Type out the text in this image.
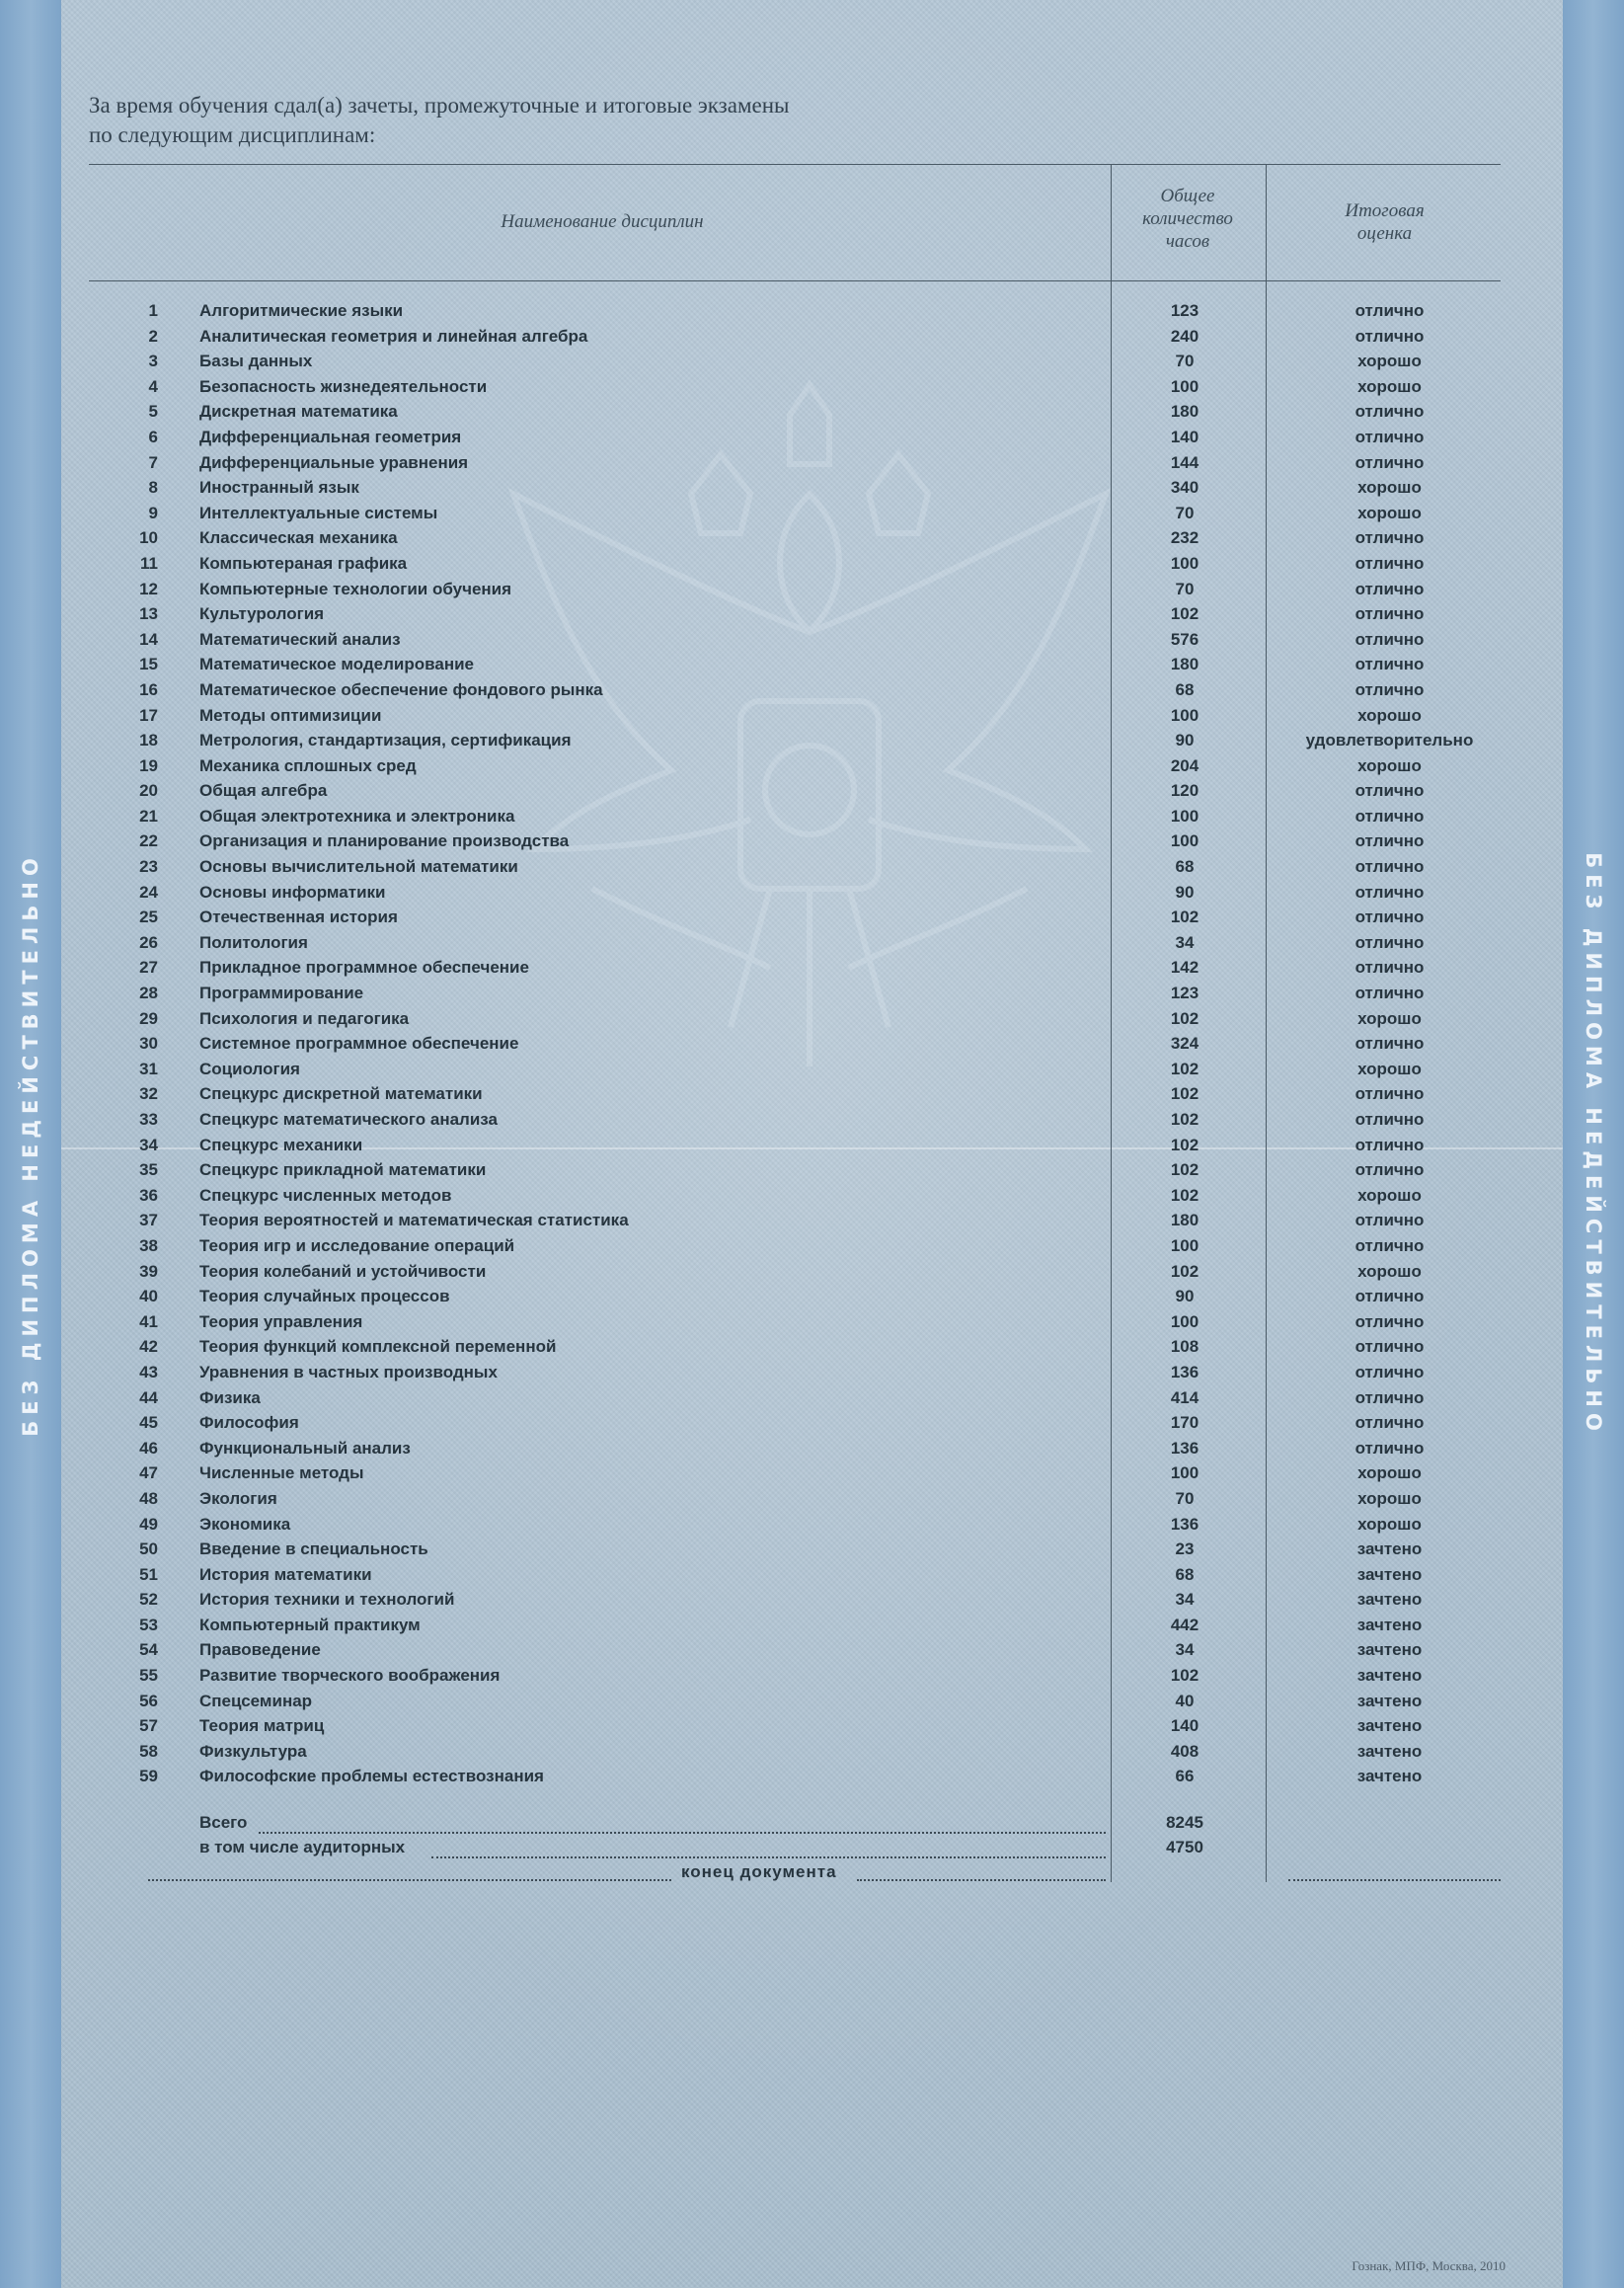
БЕЗ ДИПЛОМА НЕДЕЙСТВИТЕЛЬНО	БЕЗ ДИПЛОМА НЕДЕЙСТВИТЕЛЬНО
За время обучения сдал(а) зачеты, промежуточные и итоговые экзамены
по следующим дисциплинам:
Наименование дисциплин
Общее
количество
часов
Итоговая
оценка
1 Алгоритмические языки	123	отлично
2 Аналитическая геометрия и линейная алгебра	240	отлично
3 Базы данных	70	хорошо
4 Безопасность жизнедеятельности	100	хорошо
5 Дискретная математика	180	отлично
6 Дифференциальная геометрия	140	отлично
7 Дифференциальные уравнения	144	отлично
8 Иностранный язык	340	хорошо
9 Интеллектуальные системы	70	хорошо
10 Классическая механика	232	отлично
11 Компьютераная графика	100	отлично
12 Компьютерные технологии обучения	70	отлично
13 Культурология	102	отлично
14 Математический анализ	576	отлично
15 Математическое моделирование	180	отлично
16 Математическое обеспечение фондового рынка	68	отлично
17 Методы оптимизиции	100	хорошо
18 Метрология, стандартизация, сертификация	90	удовлетворительно
19 Механика сплошных сред	204	хорошо
20 Общая алгебра	120	отлично
21 Общая электротехника и электроника	100	отлично
22 Организация и планирование производства	100	отлично
23 Основы вычислительной математики	68	отлично
24 Основы информатики	90	отлично
25 Отечественная история	102	отлично
26 Политология	34	отлично
27 Прикладное программное обеспечение	142	отлично
28 Программирование	123	отлично
29 Психология и педагогика	102	хорошо
30 Системное программное обеспечение	324	отлично
31 Социология	102	хорошо
32 Спецкурс дискретной математики	102	отлично
33 Спецкурс математического анализа	102	отлично
34 Спецкурс механики	102	отлично
35 Спецкурс прикладной математики	102	отлично
36 Спецкурс численных методов	102	хорошо
37 Теория вероятностей и математическая статистика	180	отлично
38 Теория игр и исследование операций	100	отлично
39 Теория колебаний и устойчивости	102	хорошо
40 Теория случайных процессов	90	отлично
41 Теория управления	100	отлично
42 Теория функций комплексной переменной	108	отлично
43 Уравнения в частных производных	136	отлично
44 Физика	414	отлично
45 Философия	170	отлично
46 Функциональный анализ	136	отлично
47 Численные методы	100	хорошо
48 Экология	70	хорошо
49 Экономика	136	хорошо
50 Введение в специальность	23	зачтено
51 История математики	68	зачтено
52 История техники и технологий	34	зачтено
53 Компьютерный практикум	442	зачтено
54 Правоведение	34	зачтено
55 Развитие творческого воображения	102	зачтено
56 Спецсеминар	40	зачтено
57 Теория матриц	140	зачтено
58 Физкультура	408	зачтено
59 Философские проблемы естествознания	66	зачтено
Всего	8245
в том числе аудиторных	4750
конец документа
Гознак, МПФ, Москва, 2010
